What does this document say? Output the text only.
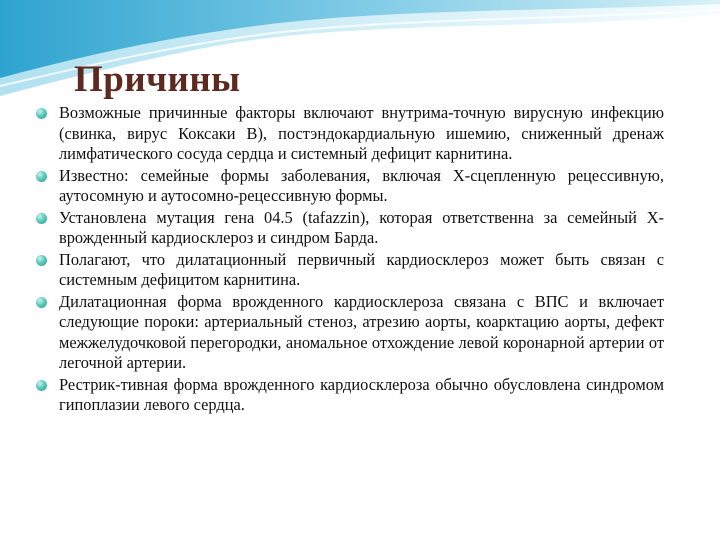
Причины
Возможные причинные факторы включают внутрима-точную вирусную инфекцию (свинка, вирус Коксаки В), постэндокардиальную ишемию, сниженный дренаж лимфатического сосуда сердца и системный дефицит карнитина.
Известно: семейные формы заболевания, включая Х-сцепленную рецессивную, аутосомную и аутосомно-рецессивную формы.
Установлена мутация гена 04.5 (tafazzin), которая ответственна за семейный Х- врожденный кардиосклероз и синдром Барда.
Полагают, что дилатационный первичный кардиосклероз может быть связан с системным дефицитом карнитина.
Дилатационная форма врожденного кардиосклероза связана с ВПС и включает следующие пороки: артериальный стеноз, атрезию аорты, коарктацию аорты, дефект межжелудочковой перегородки, аномальное отхождение левой коронарной артерии от легочной артерии.
Рестрик-тивная форма врожденного кардиосклероза обычно обусловлена синдромом гипоплазии левого сердца.
